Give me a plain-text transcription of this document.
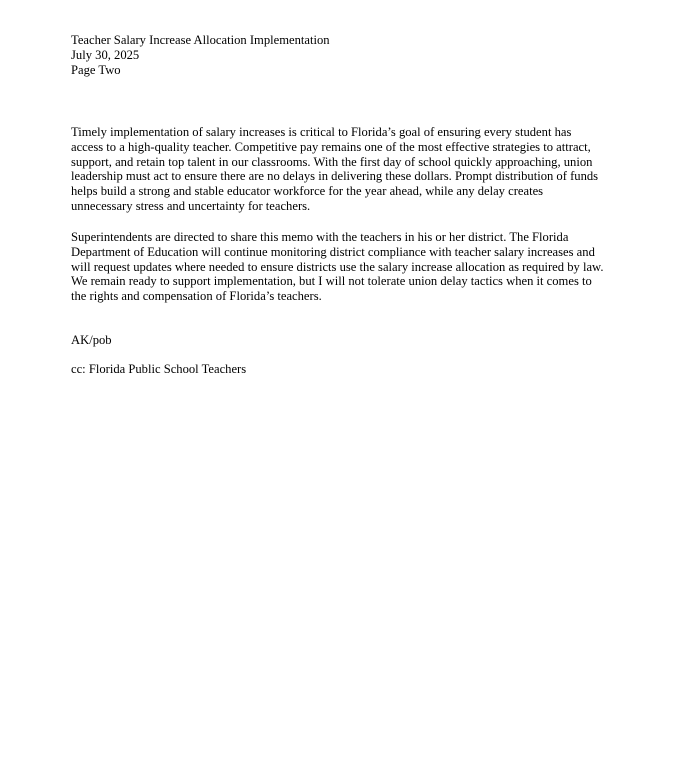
Teacher Salary Increase Allocation Implementation
July 30, 2025
Page Two

Timely implementation of salary increases is critical to Florida’s goal of ensuring every student has
access to a high-quality teacher. Competitive pay remains one of the most effective strategies to attract,
support, and retain top talent in our classrooms. With the first day of school quickly approaching, union
leadership must act to ensure there are no delays in delivering these dollars. Prompt distribution of funds
helps build a strong and stable educator workforce for the year ahead, while any delay creates
unnecessary stress and uncertainty for teachers.

Superintendents are directed to share this memo with the teachers in his or her district. The Florida
Department of Education will continue monitoring district compliance with teacher salary increases and
will request updates where needed to ensure districts use the salary increase allocation as required by law.
We remain ready to support implementation, but I will not tolerate union delay tactics when it comes to
the rights and compensation of Florida’s teachers.

AK/pob
cc: Florida Public School Teachers
